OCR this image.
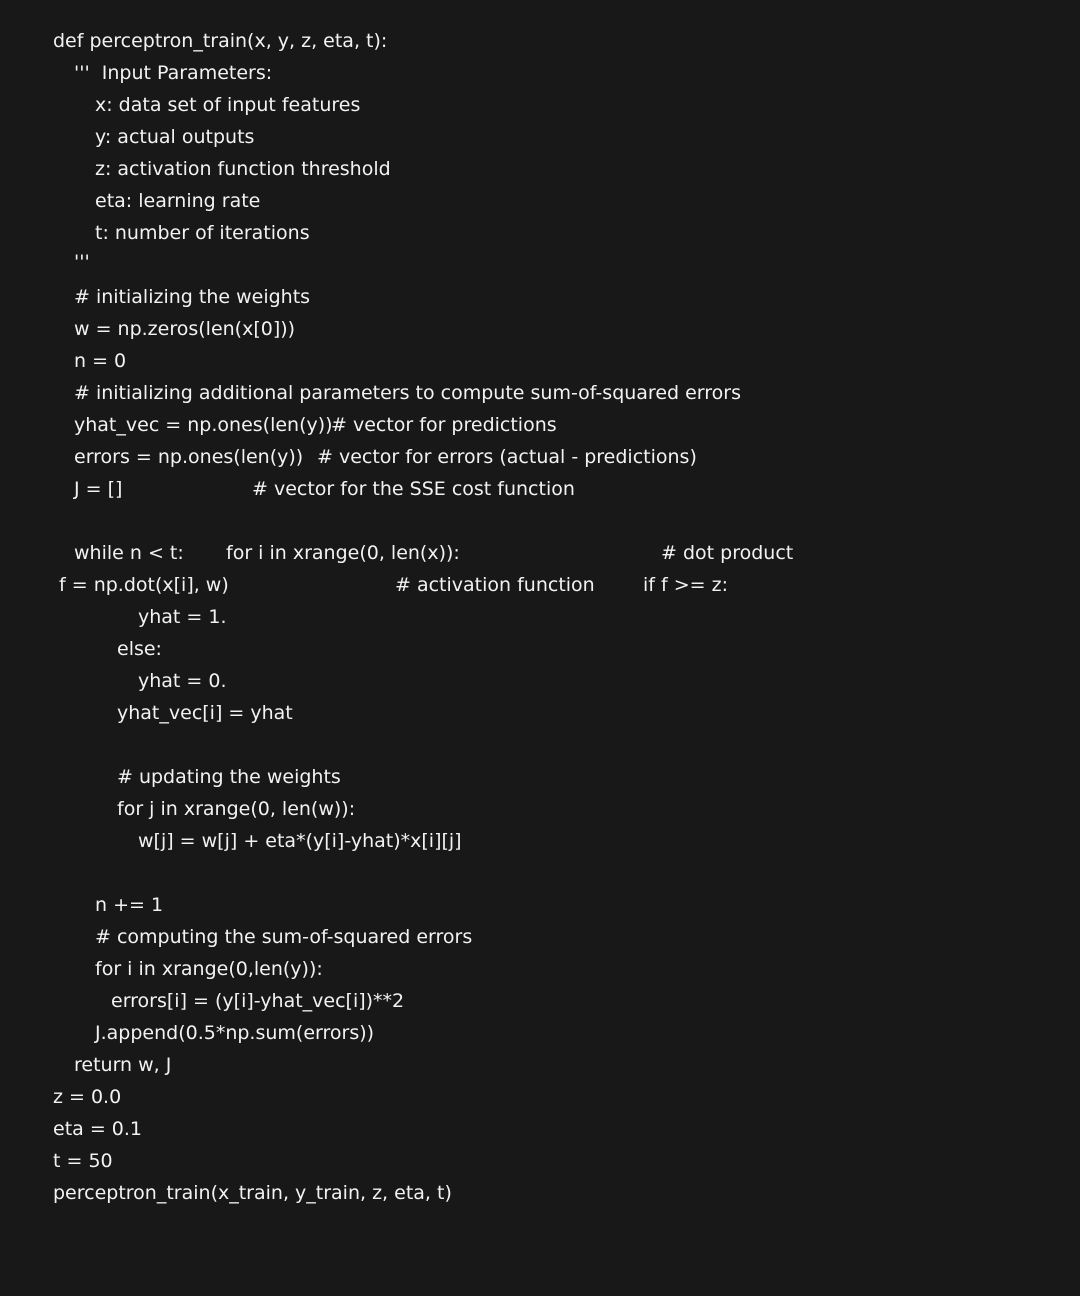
def perceptron_train(x, y, z, eta, t):
'''  Input Parameters:
x: data set of input features
y: actual outputs
z: activation function threshold
eta: learning rate
t: number of iterations
'''
# initializing the weights
w = np.zeros(len(x[0]))
n = 0
# initializing additional parameters to compute sum-of-squared errors
yhat_vec = np.ones(len(y))
# vector for predictions
errors = np.ones(len(y)) # vector for errors (actual - predictions)
J = []	# vector for the SSE cost function
while n < t: for i in xrange(0, len(x)):	# dot product
f = np.dot(x[i], w)	# activation function	if f >= z:
yhat = 1.
else:
yhat = 0.
yhat_vec[i] = yhat
# updating the weights
for j in xrange(0, len(w)):
w[j] = w[j] + eta*(y[i]-yhat)*x[i][j]
n += 1
# computing the sum-of-squared errors
for i in xrange(0,len(y)):
errors[i] = (y[i]-yhat_vec[i])**2
J.append(0.5*np.sum(errors))
return w, J
z = 0.0
eta = 0.1
t = 50
perceptron_train(x_train, y_train, z, eta, t)
